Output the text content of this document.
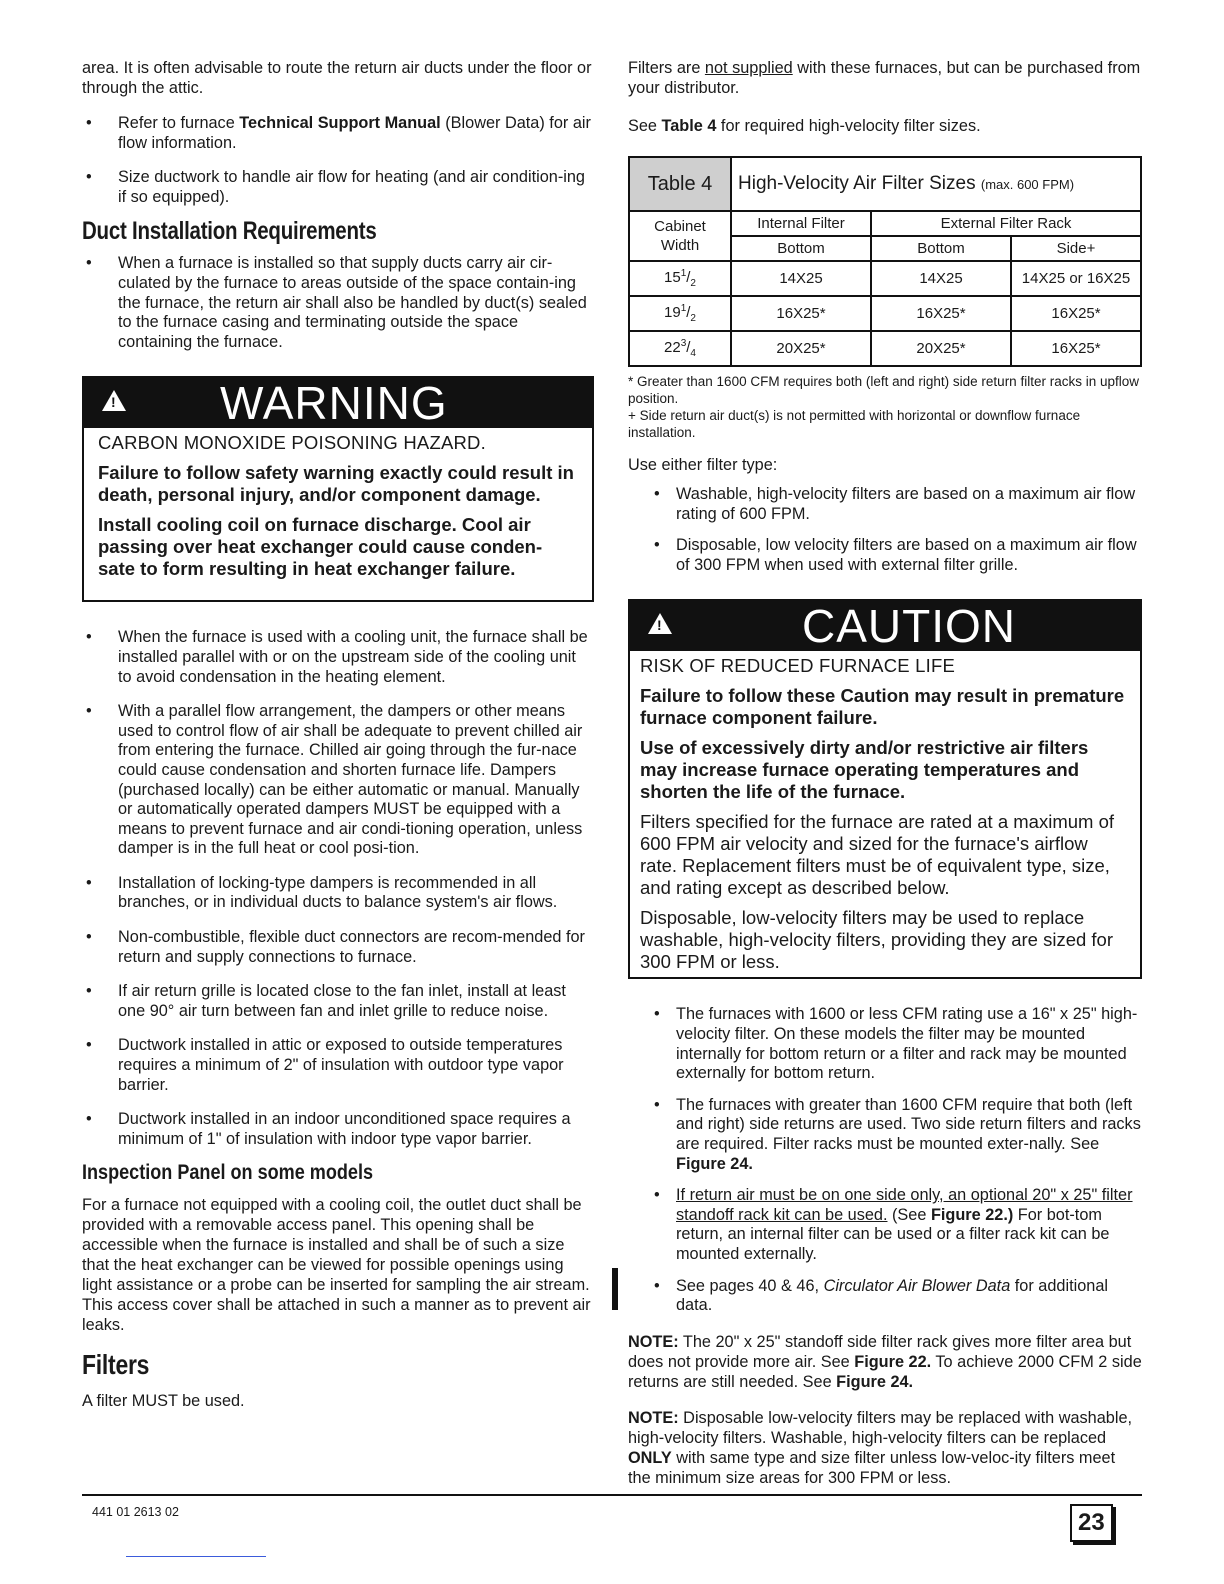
area. It is often advisable to route the return air ducts under the floor or through the attic.

• Refer to furnace Technical Support Manual (Blower Data) for air flow information.
• Size ductwork to handle air flow for heating (and air condition-ing if so equipped).
Duct Installation Requirements
• When a furnace is installed so that supply ducts carry air cir-culated by the furnace to areas outside of the space contain-ing the furnace, the return air shall also be handled by duct(s) sealed to the furnace casing and terminating outside the space containing the furnace.
! WARNING
CARBON MONOXIDE POISONING HAZARD.
Failure to follow safety warning exactly could result in death, personal injury, and/or component damage.
Install cooling coil on furnace discharge. Cool air passing over heat exchanger could cause conden-sate to form resulting in heat exchanger failure.
• When the furnace is used with a cooling unit, the furnace shall be installed parallel with or on the upstream side of the cooling unit to avoid condensation in the heating element.
• With a parallel flow arrangement, the dampers or other means used to control flow of air shall be adequate to prevent chilled air from entering the furnace. Chilled air going through the fur-nace could cause condensation and shorten furnace life. Dampers (purchased locally) can be either automatic or manual. Manually or automatically operated dampers MUST be equipped with a means to prevent furnace and air condi-tioning operation, unless damper is in the full heat or cool posi-tion.
• Installation of locking-type dampers is recommended in all branches, or in individual ducts to balance system's air flows.
• Non-combustible, flexible duct connectors are recom-mended for return and supply connections to furnace.
• If air return grille is located close to the fan inlet, install at least one 90° air turn between fan and inlet grille to reduce noise.
• Ductwork installed in attic or exposed to outside temperatures requires a minimum of 2" of insulation with outdoor type vapor barrier.
• Ductwork installed in an indoor unconditioned space requires a minimum of 1" of insulation with indoor type vapor barrier.
Inspection Panel on some models

For a furnace not equipped with a cooling coil, the outlet duct shall be provided with a removable access panel. This opening shall be accessible when the furnace is installed and shall be of such a size that the heat exchanger can be viewed for possible openings using light assistance or a probe can be inserted for sampling the air stream. This access cover shall be attached in such a manner as to prevent air leaks.

Filters

A filter MUST be used.

Filters are not supplied with these furnaces, but can be purchased from your distributor.

See Table 4 for required high-velocity filter sizes.

Table 4	High-Velocity Air Filter Sizes (max. 600 FPM)		
Cabinet
Width	Internal Filter	External Filter Rack	
	Bottom	Bottom	Side+
$15^1/_2$	14X25	14X25	14X25 or 16X25
$19^1/_2$	16X25*	16X25*	16X25*
$22^3/_4$	20X25*	20X25*	16X25*
* Greater than 1600 CFM requires both (left and right) side return filter racks in upflow position.
+ Side return air duct(s) is not permitted with horizontal or downflow furnace installation.

Use either filter type:

• Washable, high-velocity filters are based on a maximum air flow rating of 600 FPM.
• Disposable, low velocity filters are based on a maximum air flow of 300 FPM when used with external filter grille.
!	CAUTION
RISK OF REDUCED FURNACE LIFE
Failure to follow these Caution may result in premature furnace component failure.
Use of excessively dirty and/or restrictive air filters may increase furnace operating temperatures and shorten the life of the furnace.
Filters specified for the furnace are rated at a maximum of 600 FPM air velocity and sized for the furnace's airflow rate. Replacement filters must be of equivalent type, size, and rating except as described below.
Disposable, low-velocity filters may be used to replace washable, high-velocity filters, providing they are sized for 300 FPM or less.
• The furnaces with 1600 or less CFM rating use a 16" x 25" high-velocity filter. On these models the filter may be mounted internally for bottom return or a filter and rack may be mounted externally for bottom return.
• The furnaces with greater than 1600 CFM require that both (left and right) side returns are used. Two side return filters and racks are required. Filter racks must be mounted exter-nally. See Figure 24.
• If return air must be on one side only, an optional 20" x 25" filter standoff rack kit can be used. (See Figure 22.) For bot-tom return, an internal filter can be used or a filter rack kit can be mounted externally.
• See pages 40 & 46, Circulator Air Blower Data for additional data.

NOTE: The 20" x 25" standoff side filter rack gives more filter area but does not provide more air. See Figure 22. To achieve 2000 CFM 2 side returns are still needed. See Figure 24.

NOTE: Disposable low-velocity filters may be replaced with washable, high-velocity filters. Washable, high-velocity filters can be replaced ONLY with same type and size filter unless low-veloc-ity filters meet the minimum size areas for 300 FPM or less.

441 01 2613 02	23
